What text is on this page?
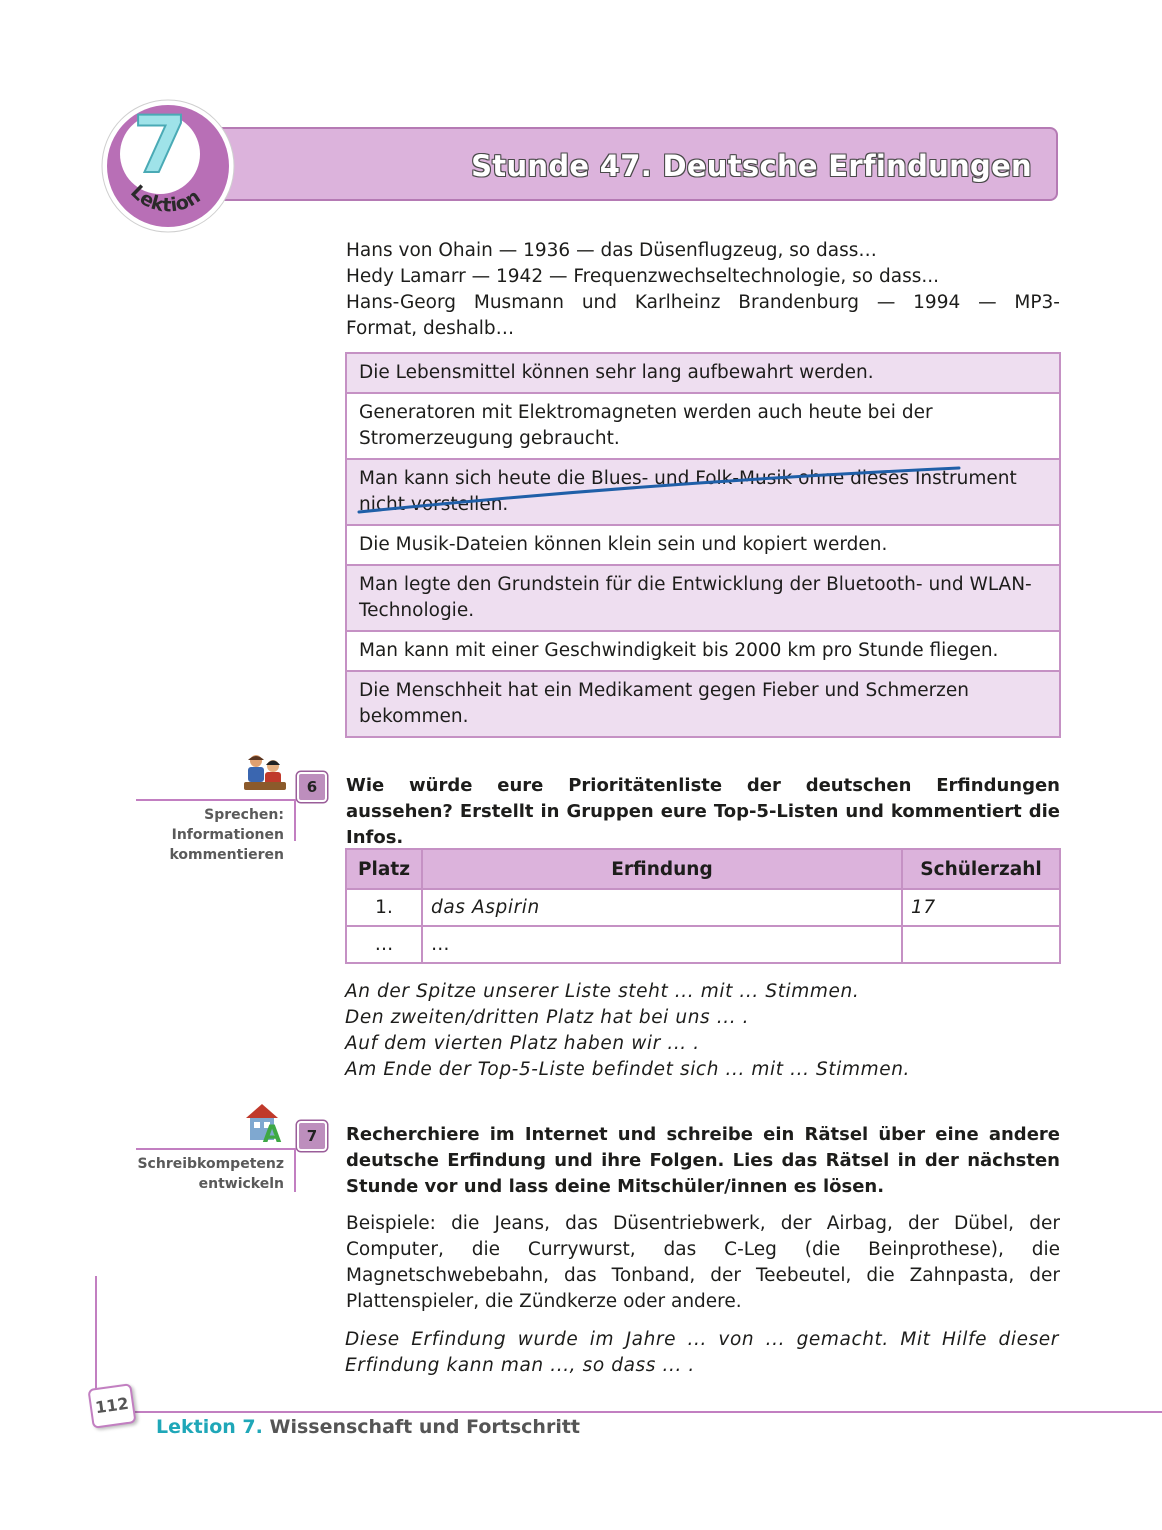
Stunde 47. Deutsche Erfindungen
7
Lektion
Hans von Ohain — 1936 — das Düsenflugzeug, so dass…
Hedy Lamarr — 1942 — Frequenzwechseltechnologie, so dass...
Hans-Georg Musmann und Karlheinz Brandenburg — 1994 — MP3-
Format, deshalb…
Die Lebensmittel können sehr lang aufbewahrt werden.
Generatoren mit Elektromagneten werden auch heute bei der Stromerzeugung gebraucht.
Man kann sich heute die Blues- und Folk-Musik ohne dieses Instrument nicht vorstellen.
Die Musik-Dateien können klein sein und kopiert werden.
Man legte den Grundstein für die Entwicklung der Bluetooth- und WLAN-Technologie.
Man kann mit einer Geschwindigkeit bis 2000 km pro Stunde fliegen.
Die Menschheit hat ein Medikament gegen Fieber und Schmerzen bekommen.
6
Sprechen:
Informationen
kommentieren
Wie würde eure Prioritätenliste der deutschen Erfindungen aussehen? Erstellt in Gruppen eure Top-5-Listen und kommentiert die Infos.
Platz	Erfindung	Schülerzahl
1.	das Aspirin	17
…	…	
An der Spitze unserer Liste steht ... mit ... Stimmen.
Den zweiten/dritten Platz hat bei uns ... .
Auf dem vierten Platz haben wir ... .
Am Ende der Top-5-Liste befindet sich ... mit ... Stimmen.
A	7
Schreibkompetenz
entwickeln
Recherchiere im Internet und schreibe ein Rätsel über eine andere deutsche Erfindung und ihre Folgen. Lies das Rätsel in der nächsten Stunde vor und lass deine Mitschüler/innen es lösen.
Beispiele: die Jeans, das Düsentriebwerk, der Airbag, der Dübel, der Computer, die Currywurst, das C-Leg (die Beinprothese), die Magnetschwebebahn, das Tonband, der Teebeutel, die Zahnpasta, der Plattenspieler, die Zündkerze oder andere.
Diese Erfindung wurde im Jahre ... von ... gemacht. Mit Hilfe dieser Erfindung kann man ..., so dass ... .
112
Lektion 7. Wissenschaft und Fortschritt
